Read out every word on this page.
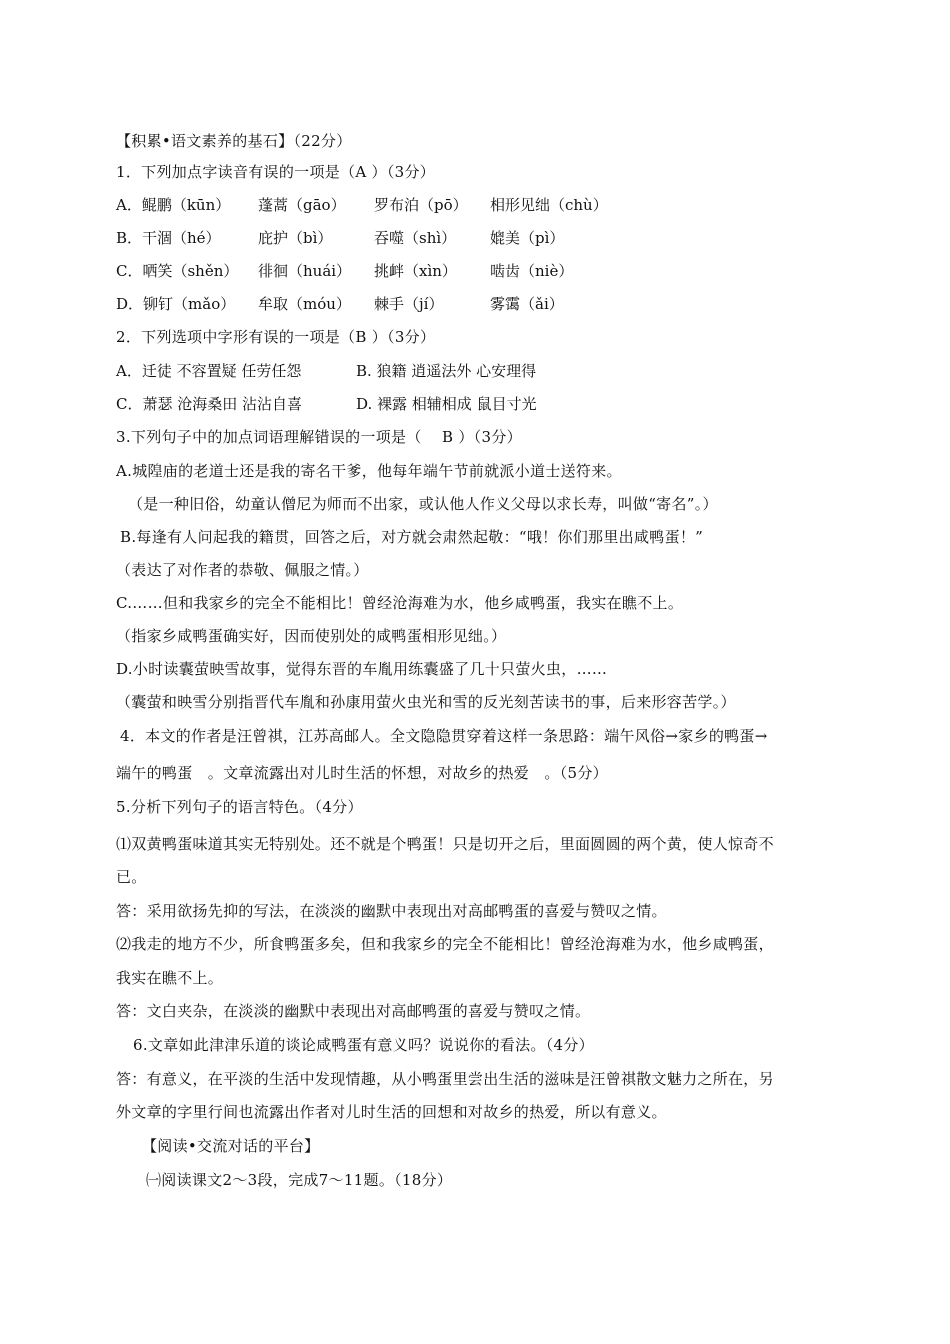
【积累•语文素养的基石】（22分）
1．下列加点字读音有误的一项是（A ）（3分）
A．鲲鹏（kūn） 蓬蒿（gāo） 罗布泊（pō） 相形见绌（chù）
B．干涸（hé） 庇护（bì）	吞噬（shì） 媲美（pì）
C．哂笑（shěn） 徘徊（huái） 挑衅（xìn） 啮齿（niè）
D．铆钉（mǎo） 牟取（móu） 棘手（jí）	雾霭（ǎi）
2．下列选项中字形有误的一项是（B ）（3分）
A．迁徒 不容置疑 任劳任怨	B. 狼籍 逍遥法外 心安理得
C．萧瑟 沧海桑田 沾沾自喜	D. 裸露 相辅相成 鼠目寸光
3.下列句子中的加点词语理解错误的一项是（　 B ）（3分）
A.城隍庙的老道士还是我的寄名干爹，他每年端午节前就派小道士送符来。
（是一种旧俗，幼童认僧尼为师而不出家，或认他人作义父母以求长寿，叫做“寄名”。）
B.每逢有人问起我的籍贯，回答之后，对方就会肃然起敬：“哦！你们那里出咸鸭蛋！”
（表达了对作者的恭敬、佩服之情。）
C.……但和我家乡的完全不能相比！曾经沧海难为水，他乡咸鸭蛋，我实在瞧不上。
（指家乡咸鸭蛋确实好，因而使别处的咸鸭蛋相形见绌。）
D.小时读囊萤映雪故事，觉得东晋的车胤用练囊盛了几十只萤火虫，……
（囊萤和映雪分别指晋代车胤和孙康用萤火虫光和雪的反光刻苦读书的事，后来形容苦学。）
4．本文的作者是汪曾祺，江苏高邮人。全文隐隐贯穿着这样一条思路：端午风俗→家乡的鸭蛋→
端午的鸭蛋　。文章流露出对儿时生活的怀想，对故乡的热爱　。（5分）
5.分析下列句子的语言特色。（4分）
⑴双黄鸭蛋味道其实无特别处。还不就是个鸭蛋！只是切开之后，里面圆圆的两个黄，使人惊奇不
已。
答：采用欲扬先抑的写法，在淡淡的幽默中表现出对高邮鸭蛋的喜爱与赞叹之情。
⑵我走的地方不少，所食鸭蛋多矣，但和我家乡的完全不能相比！曾经沧海难为水，他乡咸鸭蛋，
我实在瞧不上。
答：文白夹杂，在淡淡的幽默中表现出对高邮鸭蛋的喜爱与赞叹之情。
6.文章如此津津乐道的谈论咸鸭蛋有意义吗？说说你的看法。（4分）
答：有意义，在平淡的生活中发现情趣，从小鸭蛋里尝出生活的滋味是汪曾祺散文魅力之所在，另
外文章的字里行间也流露出作者对儿时生活的回想和对故乡的热爱，所以有意义。
【阅读•交流对话的平台】
㈠阅读课文2～3段，完成7～11题。（18分）
